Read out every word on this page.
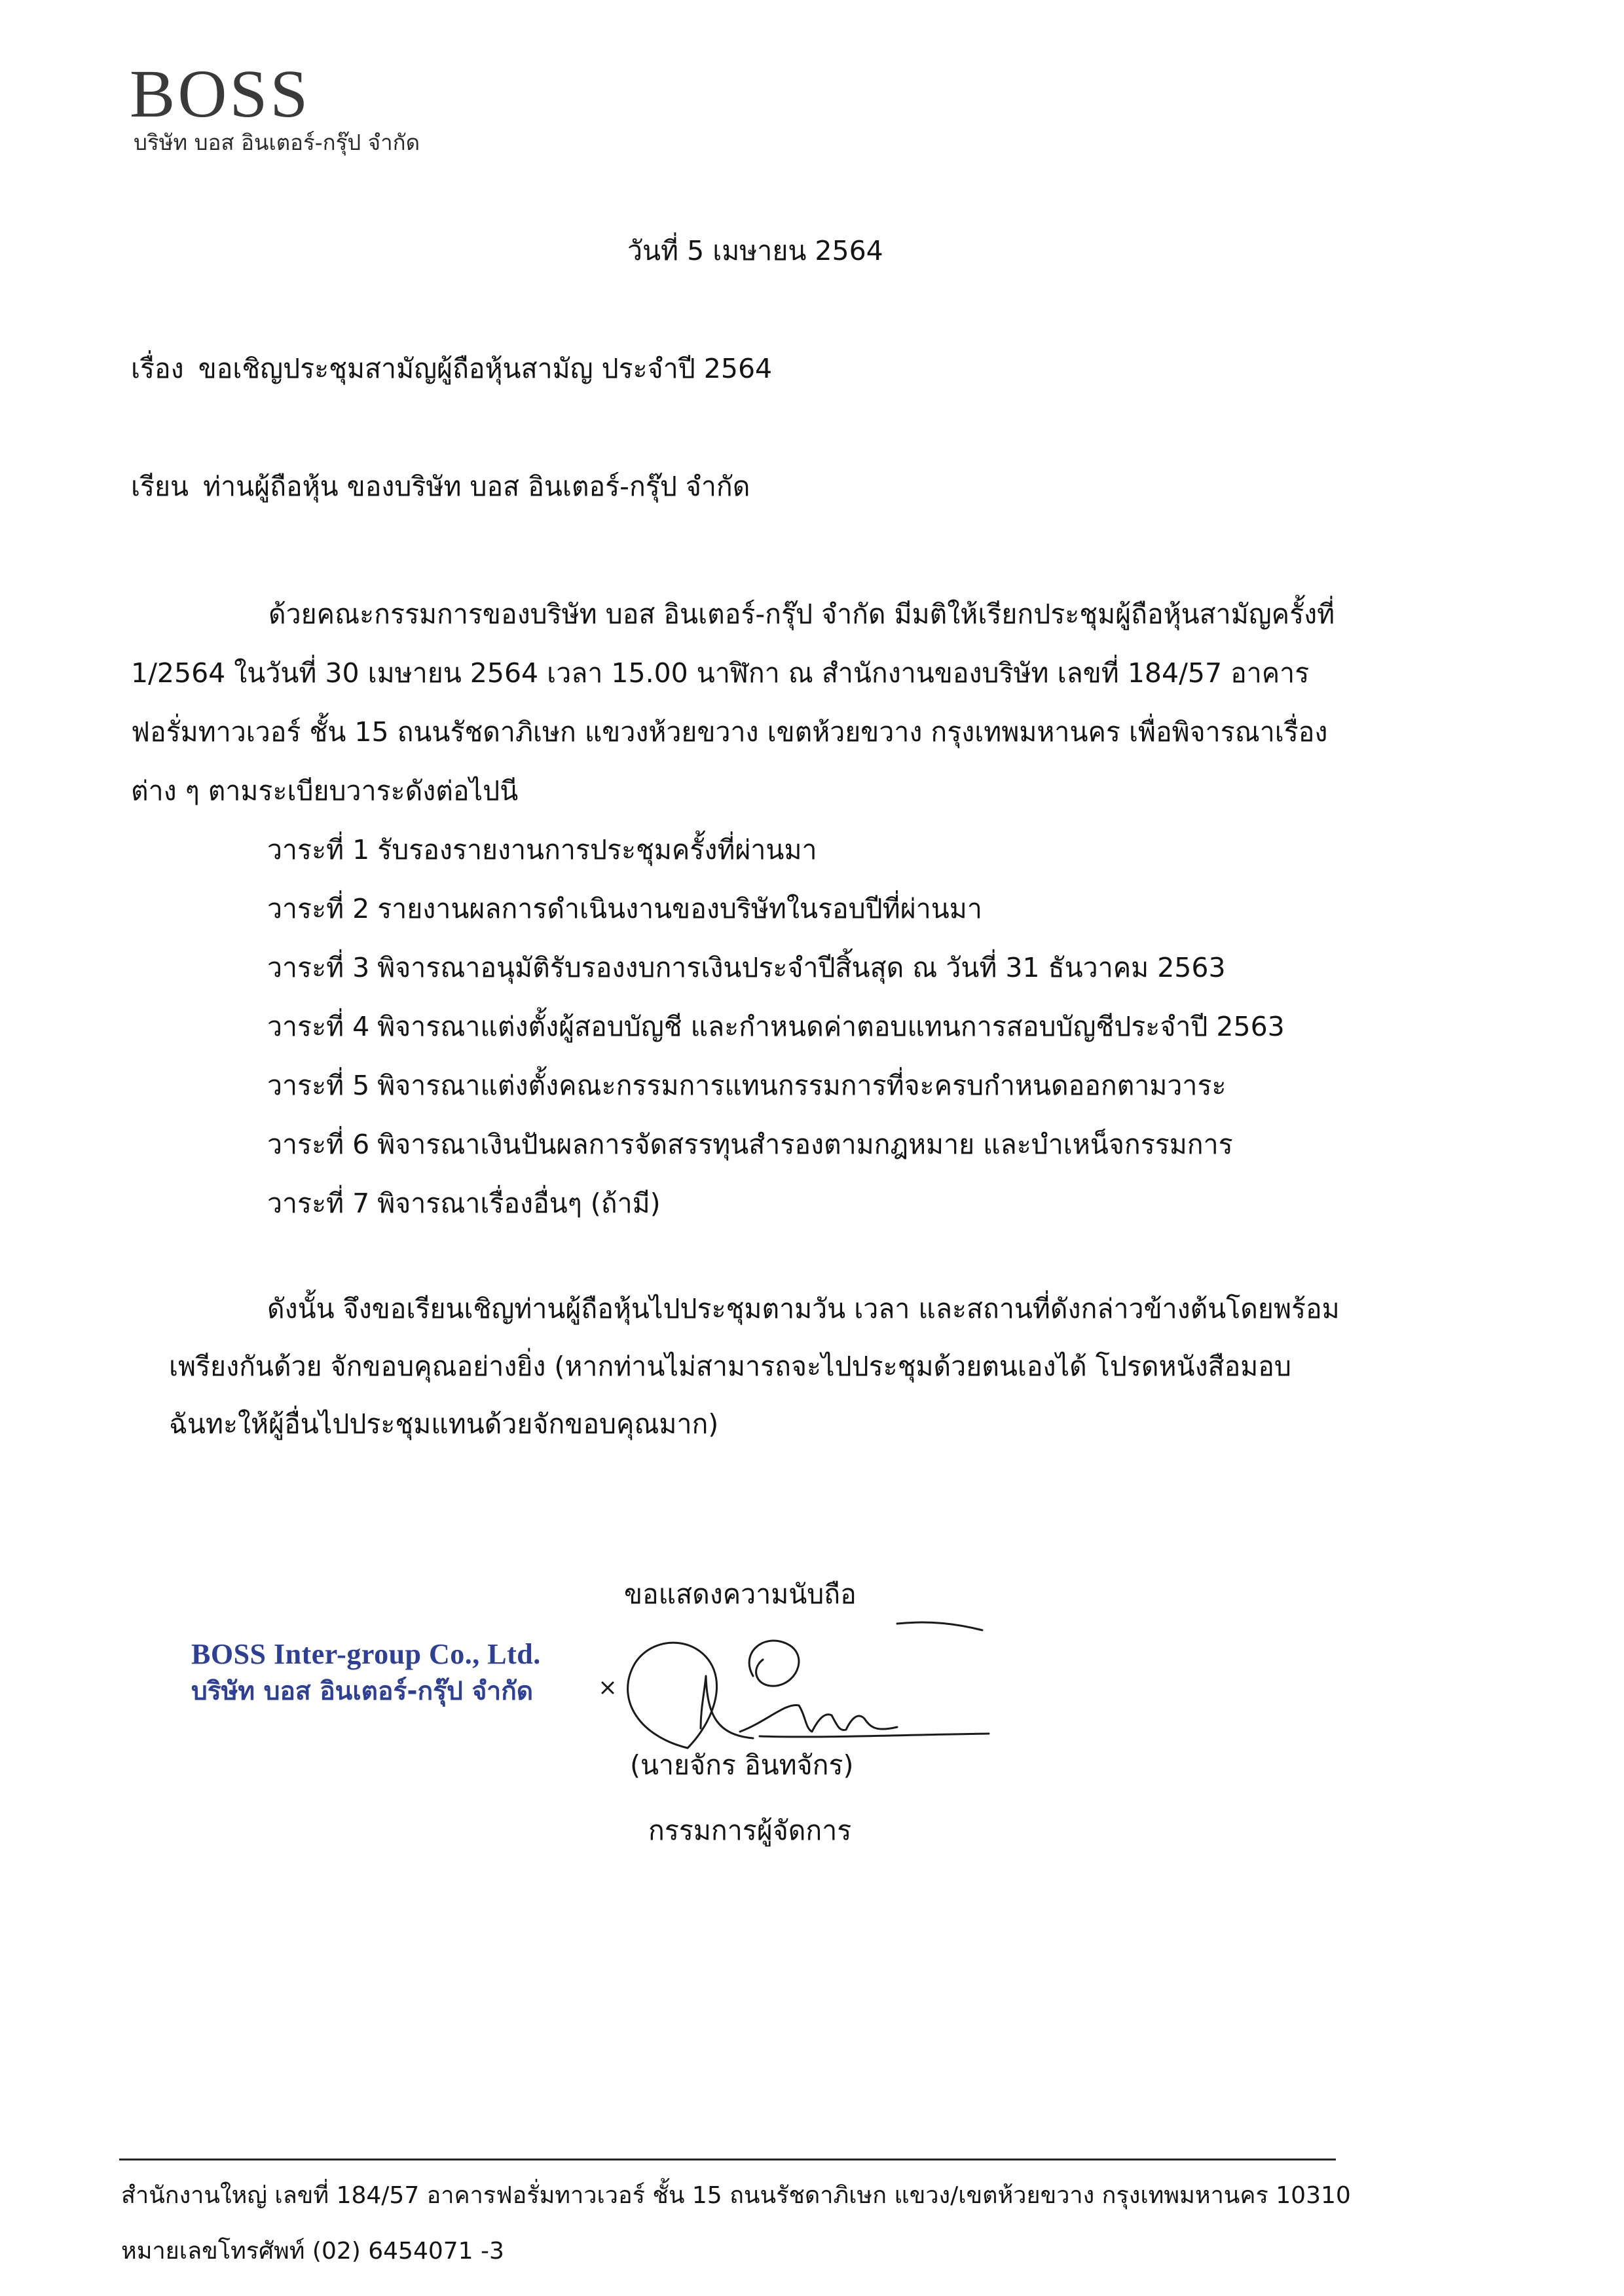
BOSS
บริษัท บอส อินเตอร์-กรุ๊ป จำกัด
วันที่ 5 เมษายน 2564
เรื่อง ขอเชิญประชุมสามัญผู้ถือหุ้นสามัญ ประจำปี 2564
เรียน ท่านผู้ถือหุ้น ของบริษัท บอส อินเตอร์-กรุ๊ป จำกัด
ด้วยคณะกรรมการของบริษัท บอส อินเตอร์-กรุ๊ป จำกัด มีมติให้เรียกประชุมผู้ถือหุ้นสามัญครั้งที่
1/2564 ในวันที่ 30 เมษายน 2564 เวลา 15.00 นาฬิกา ณ สำนักงานของบริษัท เลขที่ 184/57 อาคาร
ฟอรั่มทาวเวอร์ ชั้น 15 ถนนรัชดาภิเษก แขวงห้วยขวาง เขตห้วยขวาง กรุงเทพมหานคร เพื่อพิจารณาเรื่อง
ต่าง ๆ ตามระเบียบวาระดังต่อไปนี
วาระที่ 1 รับรองรายงานการประชุมครั้งที่ผ่านมา
วาระที่ 2 รายงานผลการดำเนินงานของบริษัทในรอบปีที่ผ่านมา
วาระที่ 3 พิจารณาอนุมัติรับรองงบการเงินประจำปีสิ้นสุด ณ วันที่ 31 ธันวาคม 2563
วาระที่ 4 พิจารณาแต่งตั้งผู้สอบบัญชี และกำหนดค่าตอบแทนการสอบบัญชีประจำปี 2563
วาระที่ 5 พิจารณาแต่งตั้งคณะกรรมการแทนกรรมการที่จะครบกำหนดออกตามวาระ
วาระที่ 6 พิจารณาเงินปันผลการจัดสรรทุนสำรองตามกฎหมาย และบำเหน็จกรรมการ
วาระที่ 7 พิจารณาเรื่องอื่นๆ (ถ้ามี)
ดังนั้น จึงขอเรียนเชิญท่านผู้ถือหุ้นไปประชุมตามวัน เวลา และสถานที่ดังกล่าวข้างต้นโดยพร้อม
เพรียงกันด้วย จักขอบคุณอย่างยิ่ง (หากท่านไม่สามารถจะไปประชุมด้วยตนเองได้ โปรดหนังสือมอบ
ฉันทะให้ผู้อื่นไปประชุมแทนด้วยจักขอบคุณมาก)
ขอแสดงความนับถือ
BOSS Inter-group Co., Ltd.
บริษัท บอส อินเตอร์-กรุ๊ป จำกัด
(นายจักร อินทจักร)
กรรมการผู้จัดการ
สำนักงานใหญ่ เลขที่ 184/57 อาคารฟอรั่มทาวเวอร์ ชั้น 15 ถนนรัชดาภิเษก แขวง/เขตห้วยขวาง กรุงเทพมหานคร 10310
หมายเลขโทรศัพท์ (02) 6454071 -3
